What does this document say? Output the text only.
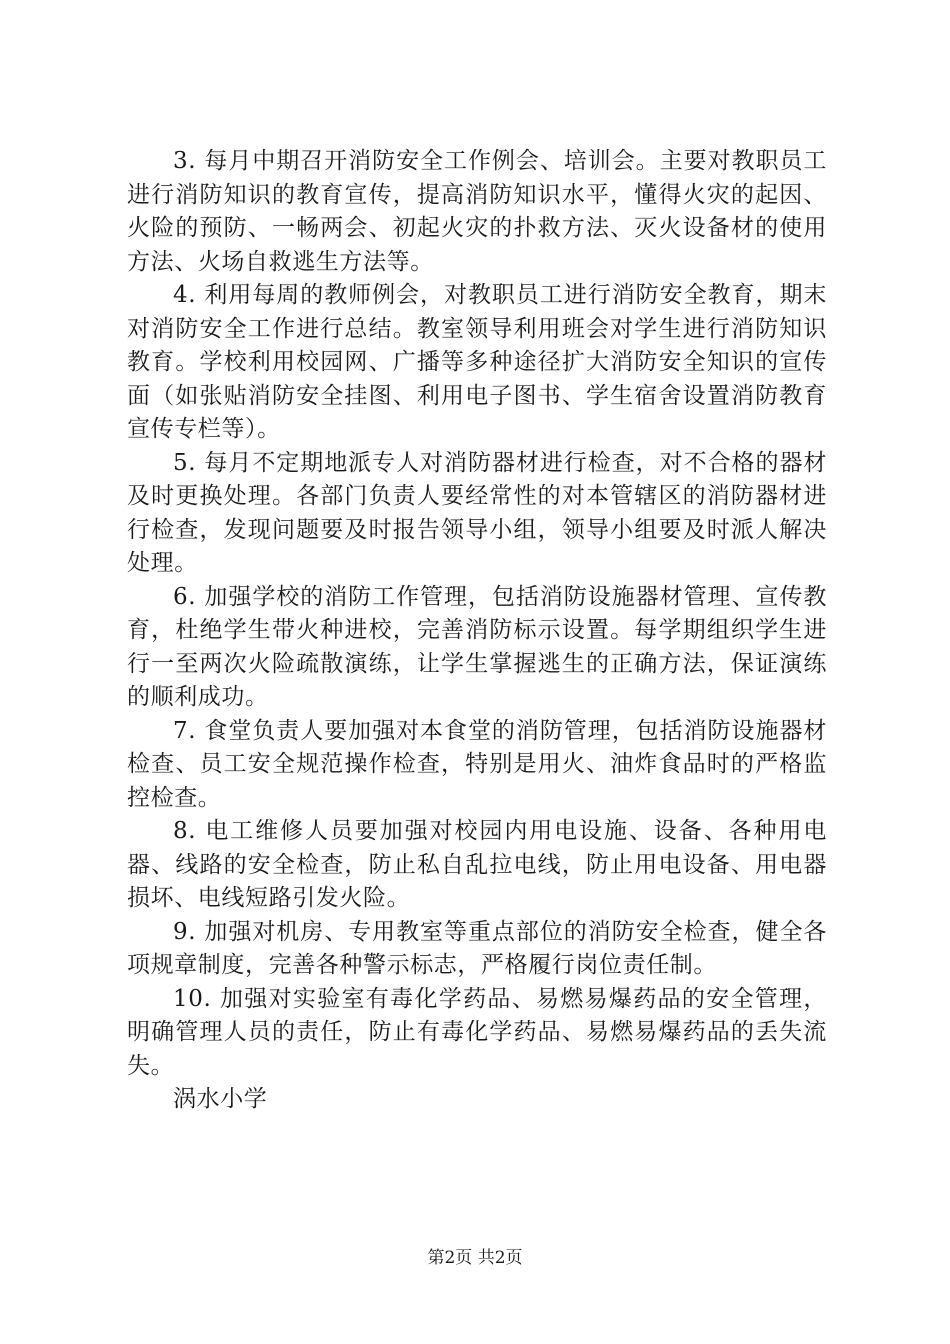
3. 每月中期召开消防安全工作例会、培训会。主要对教职员工进行消防知识的教育宣传，提高消防知识水平，懂得火灾的起因、火险的预防、一畅两会、初起火灾的扑救方法、灭火设备材的使用方法、火场自救逃生方法等。

4. 利用每周的教师例会，对教职员工进行消防安全教育，期末对消防安全工作进行总结。教室领导利用班会对学生进行消防知识教育。学校利用校园网、广播等多种途径扩大消防安全知识的宣传面（如张贴消防安全挂图、利用电子图书、学生宿舍设置消防教育宣传专栏等）。

5. 每月不定期地派专人对消防器材进行检查，对不合格的器材及时更换处理。各部门负责人要经常性的对本管辖区的消防器材进行检查，发现问题要及时报告领导小组，领导小组要及时派人解决处理。

6. 加强学校的消防工作管理，包括消防设施器材管理、宣传教育，杜绝学生带火种进校，完善消防标示设置。每学期组织学生进行一至两次火险疏散演练，让学生掌握逃生的正确方法，保证演练的顺利成功。

7. 食堂负责人要加强对本食堂的消防管理，包括消防设施器材检查、员工安全规范操作检查，特别是用火、油炸食品时的严格监控检查。

8. 电工维修人员要加强对校园内用电设施、设备、各种用电器、线路的安全检查，防止私自乱拉电线，防止用电设备、用电器损坏、电线短路引发火险。

9. 加强对机房、专用教室等重点部位的消防安全检查，健全各项规章制度，完善各种警示标志，严格履行岗位责任制。

10. 加强对实验室有毒化学药品、易燃易爆药品的安全管理，明确管理人员的责任，防止有毒化学药品、易燃易爆药品的丢失流失。

涡水小学

第2页 共2页
